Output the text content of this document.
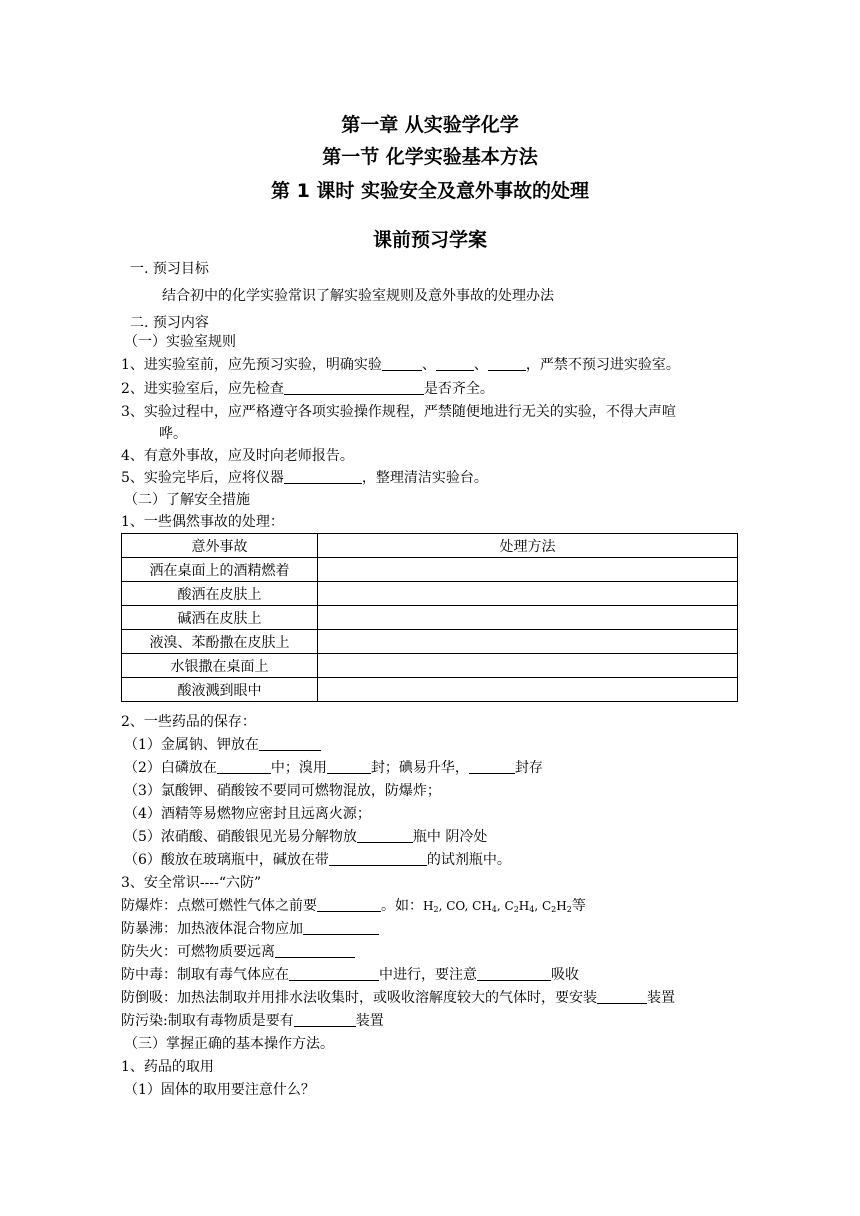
第一章 从实验学化学
第一节 化学实验基本方法
第 1 课时 实验安全及意外事故的处理
课前预习学案
一. 预习目标
结合初中的化学实验常识了解实验室规则及意外事故的处理办法
二. 预习内容
（一）实验室规则
1、进实验室前，应先预习实验，明确实验	、	、	，严禁不预习进实验室。
2、进实验室后，应先检查	是否齐全。
3、实验过程中，应严格遵守各项实验操作规程，严禁随便地进行无关的实验，不得大声喧
哗。
4、有意外事故，应及时向老师报告。
5、实验完毕后，应将仪器	，整理清洁实验台。
（二）了解安全措施
1、一些偶然事故的处理：
意外事故	处理方法
洒在桌面上的酒精燃着	
酸洒在皮肤上	
碱洒在皮肤上	
液溴、苯酚撒在皮肤上	
水银撒在桌面上	
酸液溅到眼中	
2、一些药品的保存：
（1）金属钠、钾放在
（2）白磷放在	中；溴用	封；碘易升华，	封存
（3）氯酸钾、硝酸铵不要同可燃物混放，防爆炸；
（4）酒精等易燃物应密封且远离火源；
（5）浓硝酸、硝酸银见光易分解物放	瓶中 阴冷处
（6）酸放在玻璃瓶中，碱放在带	的试剂瓶中。
3、安全常识----“六防”
防爆炸：点燃可燃性气体之前要	。如：$H_2$, CO, $CH_4$, $C_2H_4$, $C_2H_2$等
防暴沸：加热液体混合物应加
防失火：可燃物质要远离
防中毒：制取有毒气体应在	中进行，要注意	吸收
防倒吸：加热法制取并用排水法收集时，或吸收溶解度较大的气体时，要安装	装置
防污染:制取有毒物质是要有	装置
（三）掌握正确的基本操作方法。
1、药品的取用
（1）固体的取用要注意什么？
